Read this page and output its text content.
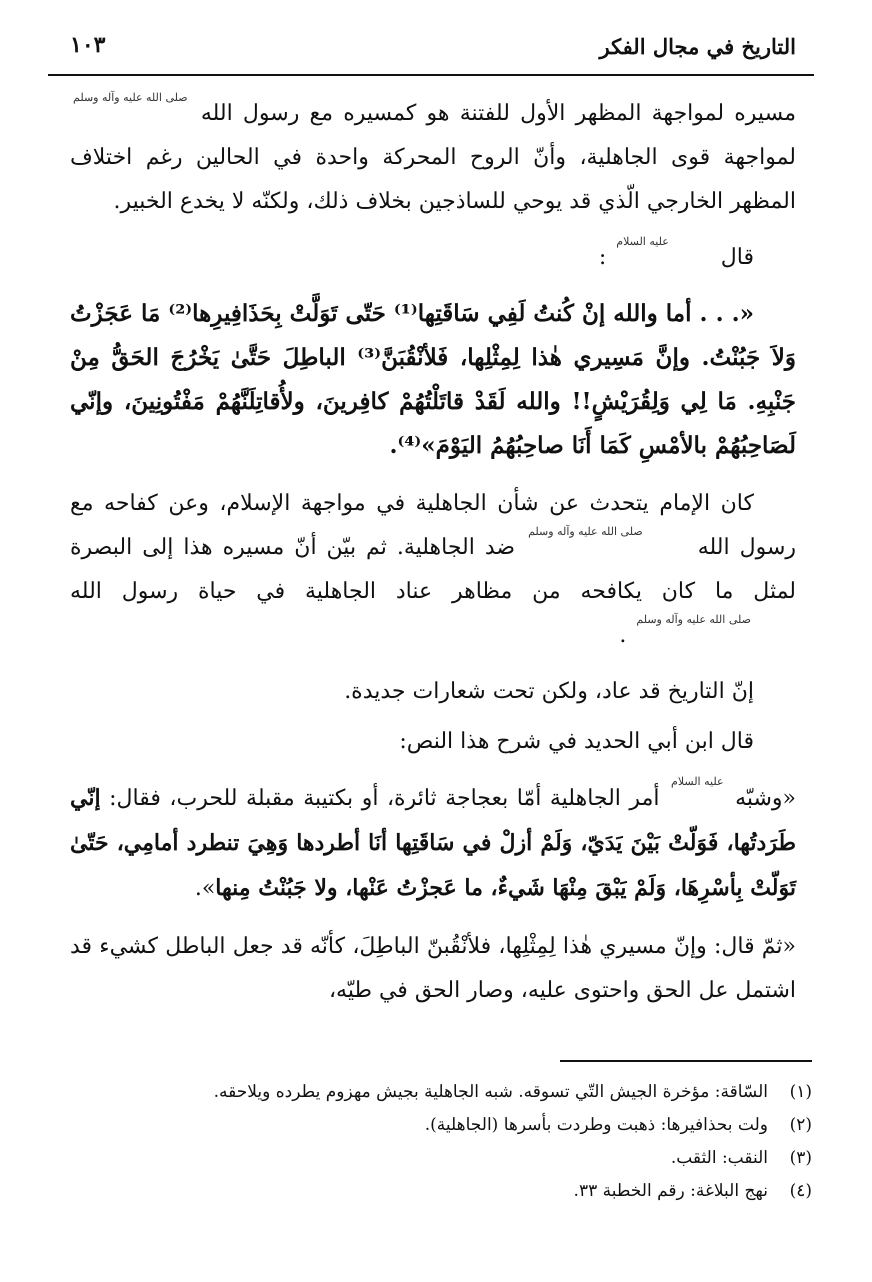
التاريخ في مجال الفكر
١٠٣

مسيره لمواجهة المظهر الأول للفتنة هو كمسيره مع رسول الله صلى الله عليه وآله وسلم لمواجهة قوى الجاهلية، وأنّ الروح المحركة واحدة في الحالين رغم اختلاف المظهر الخارجي الّذي قد يوحي للساذجين بخلاف ذلك، ولكنّه لا يخدع الخبير.

قال عليه السلام :

«. . . أما والله إنْ كُنتُ لَفِي سَاقَتِها⁽¹⁾ حَتّى تَوَلَّتْ بِحَذَافِيرِها⁽²⁾ مَا عَجَزْتُ وَلاَ جَبُنْتُ. وإنَّ مَسِيري هٰذا لِمِثْلِها، فَلأنْقُبَنَّ⁽³⁾ الباطِلَ حَتَّىٰ يَخْرُجَ الحَقُّ مِنْ جَنْبِهِ. مَا لِي وَلِقُرَيْشٍ!! والله لَقَدْ قاتَلْتُهُمْ كافِرينَ، ولأُقاتِلَنَّهُمْ مَفْتُونِينَ، وإنّي لَصَاحِبُهُمْ بالأمْسِ كَمَا أَنَا صاحِبُهُمُ اليَوْمَ»⁽⁴⁾.

كان الإمام يتحدث عن شأن الجاهلية في مواجهة الإسلام، وعن كفاحه مع رسول الله صلى الله عليه وآله وسلم ضد الجاهلية. ثم بيّن أنّ مسيره هذا إلى البصرة لمثل ما كان يكافحه من مظاهر عناد الجاهلية في حياة رسول الله صلى الله عليه وآله وسلم .

إنّ التاريخ قد عاد، ولكن تحت شعارات جديدة.

قال ابن أبي الحديد في شرح هذا النص:

«وشبّه عليه السلام أمر الجاهلية أمّا بعجاجة ثائرة، أو بكتيبة مقبلة للحرب، فقال: إنّي طَرَدتُها، فَوَلّتْ بَيْنَ يَدَيّ، وَلَمْ أزلْ في سَاقَتِها أنَا أطردها وَهِيَ تنطرد أمامِي، حَتّىٰ تَوَلّتْ بِأسْرِهَا، وَلَمْ يَبْقَ مِنْهَا شَيءٌ، ما عَجزْتُ عَنْها، ولا جَبُنْتُ مِنها».

«ثمّ قال: وإنّ مسيري هٰذا لِمِثْلِها، فلأنْقُبنّ الباطِلَ، كأنّه قد جعل الباطل كشيء قد اشتمل عل الحق واحتوى عليه، وصار الحق في طيّه،

(١)السّاقة: مؤخرة الجيش التّي تسوقه. شبه الجاهلية بجيش مهزوم يطرده ويلاحقه.
(٢)ولت بحذافيرها: ذهبت وطردت بأسرها (الجاهلية).
(٣)النقب: الثقب.
(٤)نهج البلاغة: رقم الخطبة ٣٣.
